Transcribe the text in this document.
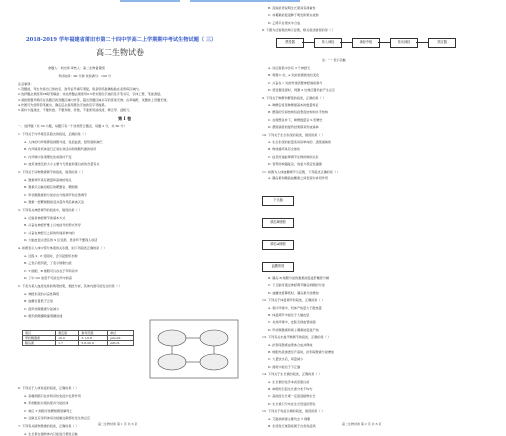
2018-2019 学年福建省莆田市第二十四中学高二上学期期中考试生物试题（ 三）
高二生物试卷
命题人：刘志鸿 审核人：高二生物备课组
考试时间：90 分钟 试卷满分：100 分
注意事项：
1.答题前，考生先将自己的姓名、准考证号填写清楚，将条形码准确粘贴在条形码区域内。
2.选择题必须使用2B铅笔填涂；非选择题必须使用0.5毫米黑色字迹的签字笔书写，字体工整、笔迹清楚。
3.请按照题号顺序在各题目的答题区域内作答，超出答题区域书写的答案无效；在草稿纸、试题卷上答题无效。
4.作图可先使用铅笔画出，确定后必须用黑色字迹的签字笔描黑。
5.保持卡面清洁，不要折叠、不要弄破、弄皱，不准使用涂改液、修正带、刮纸刀。
第 I 卷
一、选择题（共 30 小题，每题只有一个选项符合题意，每题 2 分，共 60 分）
1. 下列关于内环境及其稳态的叙述，正确的是（ ）
A. 人体的内环境即指细胞外液，包括血液、组织液和淋巴
B. 内环境是机体进行正常生命活动和细胞代谢的场所
C. 内环境中各项理化性质保持不变
D. 血浆渗透压的大小主要与无机盐和蛋白质的含量有关
2. 下列关于动物激素调节的叙述，错误的是（ ）
A. 激素调节具有微量和高效的特点
B. 激素只运输给相应的靶器官、靶细胞
C. 甲状腺激素的分泌存在分级调节和反馈调节
D. 激素一经靶细胞接受并起作用后就被灭活
3. 下列有关神经调节的叙述中，错误的是（ ）
A. 反射是神经调节的基本方式
B. 兴奋在神经纤维上以电信号的形式传导
C. 兴奋在神经元之间的传递是单向的
D. 大脑皮层言语区的 S 区受损，患者听不懂别人讲话
4. 如图表示人体中部分体液的关系图，则下列叙述正确的是（ ）
A. 过程 2、6 受阻时，会引起组织水肿
B. 乙表示组织液，丁表示细胞内液
C. T 细胞、B 细胞可以存在于甲和丙中
D. 丁中 O2 浓度不可能比甲中的高
5. 下表为某人血液化验的两项结果，据此分析，其体内最可能发生的是（ ）
A. 神经系统的兴奋性降低
B. 血糖含量低于正常
C. 促甲状腺激素分泌减少
D. 组织细胞摄取葡萄糖加速
6. 下列关于人体免疫的叙述，正确的是（ ）
A. 吞噬细胞只在非特异性免疫中发挥作用
B. 浆细胞能识别抗原并分泌抗体
C. 效应 T 细胞可使靶细胞裂解死亡
D. 过敏反应是机体初次接触过敏原时发生的反应
7. 下列有关植物激素的叙述，正确的是（ ）
A. 生长素在植物体内只能进行极性运输
项目	测定值	参考范围	单位
甲状腺激素	10.0	3.1-6.8	pmol/L
胰岛素	1.7	5.0-20.0	mIU/L
高二生物试卷 第 1 页 共 6 页
B. 顶端优势说明生长素具有两重性
C. 赤霉素能促进种子萌发和果实成熟
D. 乙烯只在果实中合成
8. 下图为反射弧结构示意图，相关叙述错误的是（ ）
A. 该反射弧中含有 3 个神经元
B. 刺激 b 处，a 处能检测到电位变化
C. 兴奋在 c 处的传递需要神经递质参与
D. 感受器受损时，刺激 d 处效应器仍能产生反应
9. 下列关于种群和群落的叙述，正确的是（ ）
A. 种群密度是种群最基本的数量特征
B. 群落的空间结构包括垂直结构和水平结构
C. 在理想条件下，种群数量呈 S 型增长
D. 群落演替的最终结果都是形成森林
10. 下列关于生态系统的叙述，错误的是（ ）
A. 生态系统的能量流动是单向的、逐级递减的
B. 物质循环具有全球性
C. 信息传递能够调节生物的种间关系
D. 营养结构越复杂，恢复力稳定性越强
11. 如图为人体血糖调节示意图，下列叙述正确的是（ ）
A. 胰岛素和胰高血糖素之间表现为协同作用
B. 胰岛 B 细胞分泌的激素能促进肝糖原分解
C. 下丘脑可通过神经调节胰岛细胞的分泌
D. 血糖浓度降低时，胰岛素分泌增加
12. 下列关于体温调节的叙述，正确的是（ ）
A. 寒冷环境中，机体产热量大于散热量
B. 体温调节中枢位于大脑皮层
C. 炎热环境中，皮肤毛细血管收缩
D. 甲状腺激素和肾上腺素能促进产热
13. 下列有关水盐平衡调节的叙述，正确的是（ ）
A. 抗利尿激素由垂体合成并释放
B. 细胞外液渗透压升高时，抗利尿激素分泌增加
C. 大量饮水后，尿量减少
D. 渴觉中枢位于下丘脑
14. 下列关于生长素的叙述，正确的是（ ）
A. 生长素的化学本质是蛋白质
B. 单侧光引起生长素分布不均匀
C. 高浓度生长素一定促进植物生长
D. 生长素只分布在生长旺盛的部位
15. 下列关于免疫失调的叙述，错误的是（ ）
A. 艾滋病病毒主要攻击 T 细胞
B. 系统性红斑狼疮属于自身免疫病
感受器	传入神经	神经中枢	传出神经	效应器
注：“ ” 表示突触
下丘脑
胰岛B细胞
胰岛A细胞
血糖浓度
高二生物试卷 第 2 页 共 6 页
